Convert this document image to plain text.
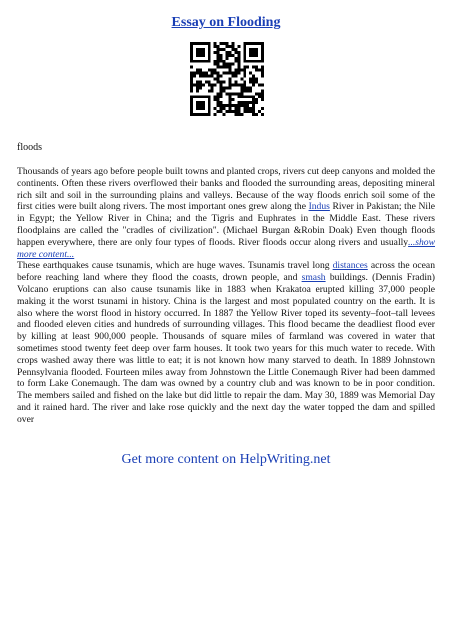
Essay on Flooding
floods

Thousands of years ago before people built towns and planted crops, rivers cut deep canyons and molded the continents. Often these rivers overflowed their banks and flooded the surrounding areas, depositing mineral rich silt and soil in the surrounding plains and valleys. Because of the way floods enrich soil some of the first cities were built along rivers. The most important ones grew along the Indus River in Pakistan; the Nile in Egypt; the Yellow River in China; and the Tigris and Euphrates in the Middle East. These rivers floodplains are called the "cradles of civilization". (Michael Burgan &Robin Doak) Even though floods happen everywhere, there are only four types of floods. River floods occur along rivers and usually...show more content...

These earthquakes cause tsunamis, which are huge waves. Tsunamis travel long distances across the ocean before reaching land where they flood the coasts, drown people, and smash buildings. (Dennis Fradin) Volcano eruptions can also cause tsunamis like in 1883 when Krakatoa erupted killing 37,000 people making it the worst tsunami in history. China is the largest and most populated country on the earth. It is also where the worst flood in history occurred. In 1887 the Yellow River toped its seventy–foot–tall levees and flooded eleven cities and hundreds of surrounding villages. This flood became the deadliest flood ever by killing at least 900,000 people. Thousands of square miles of farmland was covered in water that sometimes stood twenty feet deep over farm houses. It took two years for this much water to recede. With crops washed away there was little to eat; it is not known how many starved to death. In 1889 Johnstown Pennsylvania flooded. Fourteen miles away from Johnstown the Little Conemaugh River had been dammed to form Lake Conemaugh. The dam was owned by a country club and was known to be in poor condition. The members sailed and fished on the lake but did little to repair the dam. May 30, 1889 was Memorial Day and it rained hard. The river and lake rose quickly and the next day the water topped the dam and spilled over

Get more content on HelpWriting.net
